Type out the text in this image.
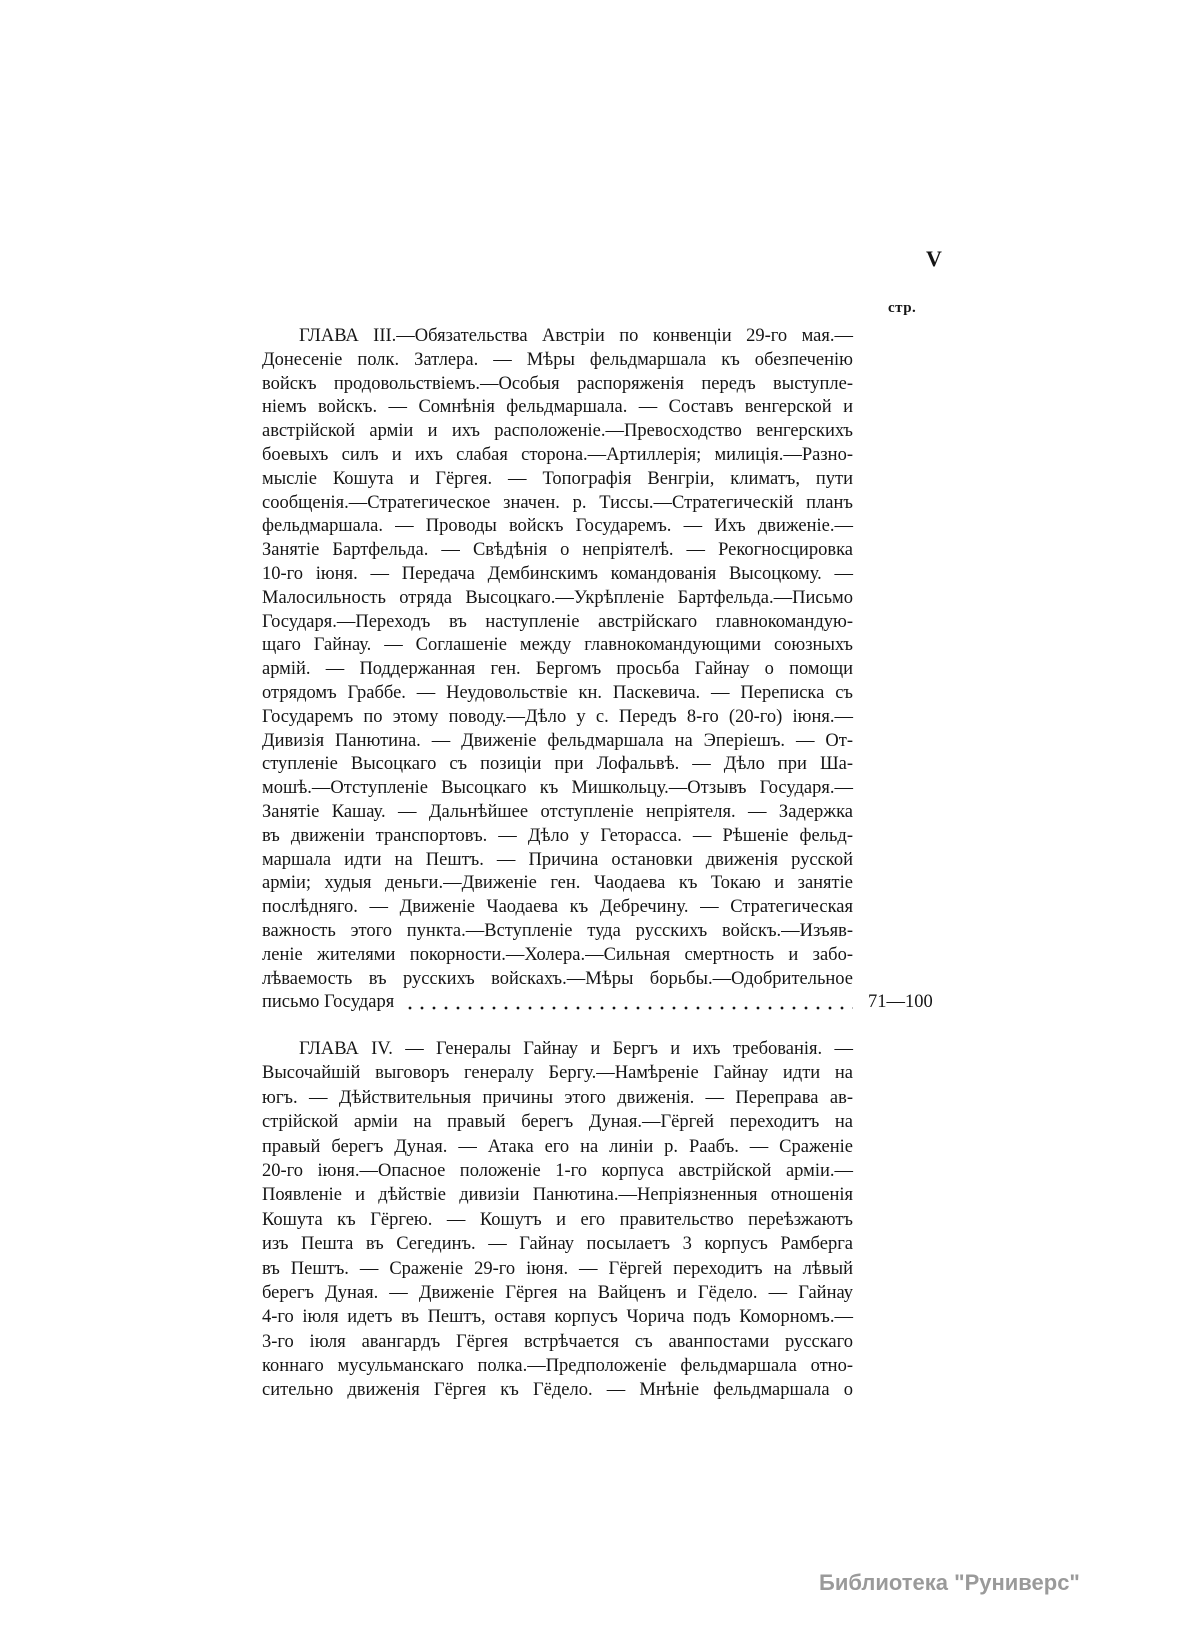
V
стр.
ГЛАВА III.—Обязательства Австріи по конвенціи 29-го мая.—
Донесеніе полк. Затлера. — Мѣры фельдмаршала къ обезпеченію
войскъ продовольствіемъ.—Особыя распоряженія передъ выступле-
ніемъ войскъ. — Сомнѣнія фельдмаршала. — Составъ венгерской и
австрійской арміи и ихъ расположеніе.—Превосходство венгерскихъ
боевыхъ силъ и ихъ слабая сторона.—Артиллерія; милиція.—Разно-
мысліе Кошута и Гёргея. — Топографія Венгріи, климатъ, пути
сообщенія.—Стратегическое значен. р. Тиссы.—Стратегическій планъ
фельдмаршала. — Проводы войскъ Государемъ. — Ихъ движеніе.—
Занятіе Бартфельда. — Свѣдѣнія о непріятелѣ. — Рекогносцировка
10-го іюня. — Передача Дембинскимъ командованія Высоцкому. —
Малосильность отряда Высоцкаго.—Укрѣпленіе Бартфельда.—Письмо
Государя.—Переходъ въ наступленіе австрійскаго главнокомандую-
щаго Гайнау. — Соглашеніе между главнокомандующими союзныхъ
армій. — Поддержанная ген. Бергомъ просьба Гайнау о помощи
отрядомъ Граббе. — Неудовольствіе кн. Паскевича. — Переписка съ
Государемъ по этому поводу.—Дѣло у с. Передъ 8-го (20-го) іюня.—
Дивизія Панютина. — Движеніе фельдмаршала на Эперіешъ. — От-
ступленіе Высоцкаго съ позиціи при Лофальвѣ. — Дѣло при Ша-
мошѣ.—Отступленіе Высоцкаго къ Мишкольцу.—Отзывъ Государя.—
Занятіе Кашау. — Дальнѣйшее отступленіе непріятеля. — Задержка
въ движеніи транспортовъ. — Дѣло у Геторасса. — Рѣшеніе фельд-
маршала идти на Пештъ. — Причина остановки движенія русской
арміи; худыя деньги.—Движеніе ген. Чаодаева къ Токаю и занятіе
послѣдняго. — Движеніе Чаодаева къ Дебречину. — Стратегическая
важность этого пункта.—Вступленіе туда русскихъ войскъ.—Изъяв-
леніе жителями покорности.—Холера.—Сильная смертность и забо-
лѣваемость въ русскихъ войскахъ.—Мѣры борьбы.—Одобрительное
письмо Государя	71—100
ГЛАВА IV. — Генералы Гайнау и Бергъ и ихъ требованія. —
Высочайшій выговоръ генералу Бергу.—Намѣреніе Гайнау идти на
югъ. — Дѣйствительныя причины этого движенія. — Переправа ав-
стрійской арміи на правый берегъ Дуная.—Гёргей переходитъ на
правый берегъ Дуная. — Атака его на линіи р. Раабъ. — Сраженіе
20-го іюня.—Опасное положеніе 1-го корпуса австрійской арміи.—
Появленіе и дѣйствіе дивизіи Панютина.—Непріязненныя отношенія
Кошута къ Гёргею. — Кошутъ и его правительство переѣзжаютъ
изъ Пешта въ Сегединъ. — Гайнау посылаетъ 3 корпусъ Рамберга
въ Пештъ. — Сраженіе 29-го іюня. — Гёргей переходитъ на лѣвый
берегъ Дуная. — Движеніе Гёргея на Вайценъ и Гёдело. — Гайнау
4-го іюля идетъ въ Пештъ, оставя корпусъ Чорича подъ Коморномъ.—
3-го іюля авангардъ Гёргея встрѣчается съ аванпостами русскаго
коннаго мусульманскаго полка.—Предположеніе фельдмаршала отно-
сительно движенія Гёргея къ Гёдело. — Мнѣніе фельдмаршала о
Библиотека "Руниверс"
